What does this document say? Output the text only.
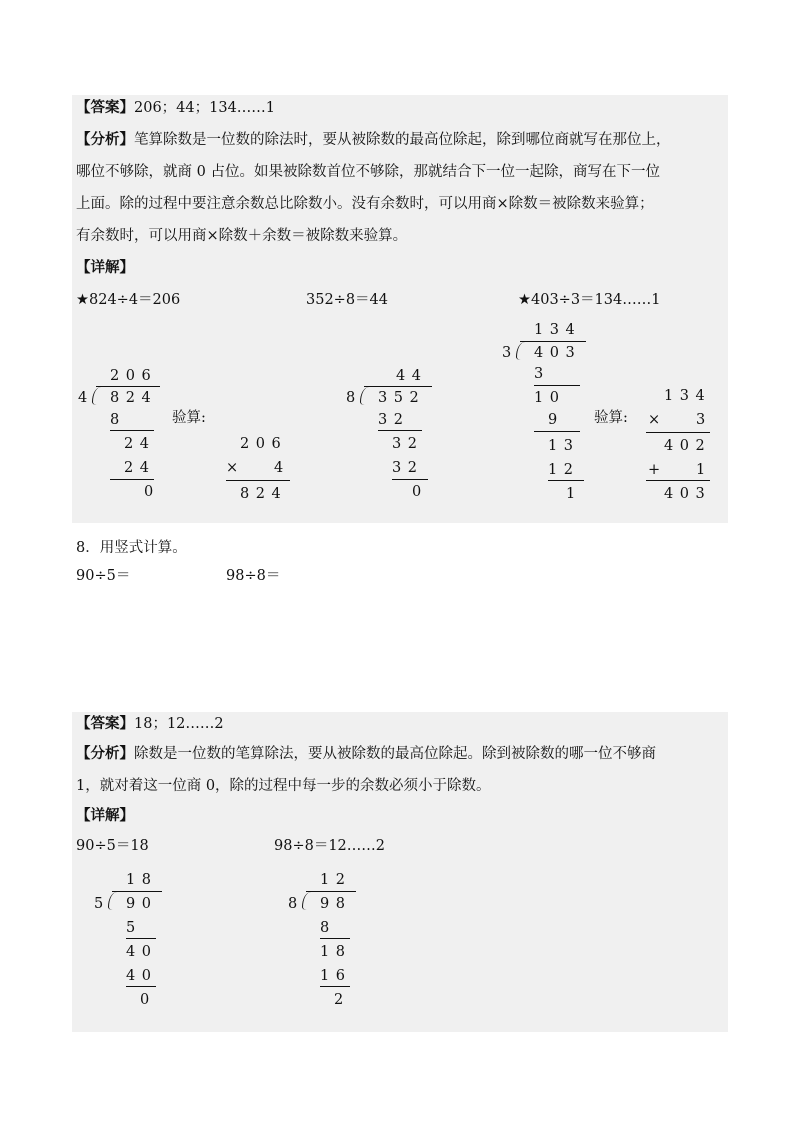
【答案】206；44；134……1
【分析】笔算除数是一位数的除法时，要从被除数的最高位除起，除到哪位商就写在那位上，
哪位不够除，就商 0 占位。如果被除数首位不够除，那就结合下一位一起除，商写在下一位
上面。除的过程中要注意余数总比除数小。没有余数时，可以用商×除数＝被除数来验算；
有余数时，可以用商×除数＋余数＝被除数来验算。
【详解】
★824÷4＝206	352÷8＝44	★403÷3＝134……1
206
4 824
8
24
24
0
验算:
206
× 4
824
44
8 352
32
32
32
0
134
3 403
3
10
9
13
12
1
验算:
134
× 3
402
+ 1
403
8．用竖式计算。
90÷5＝	98÷8＝
【答案】18；12……2
【分析】除数是一位数的笔算除法，要从被除数的最高位除起。除到被除数的哪一位不够商
1，就对着这一位商 0，除的过程中每一步的余数必须小于除数。
【详解】
90÷5＝18	98÷8＝12……2
18
5 90
5
40
40
0
12
8 98
8
18
16
2
